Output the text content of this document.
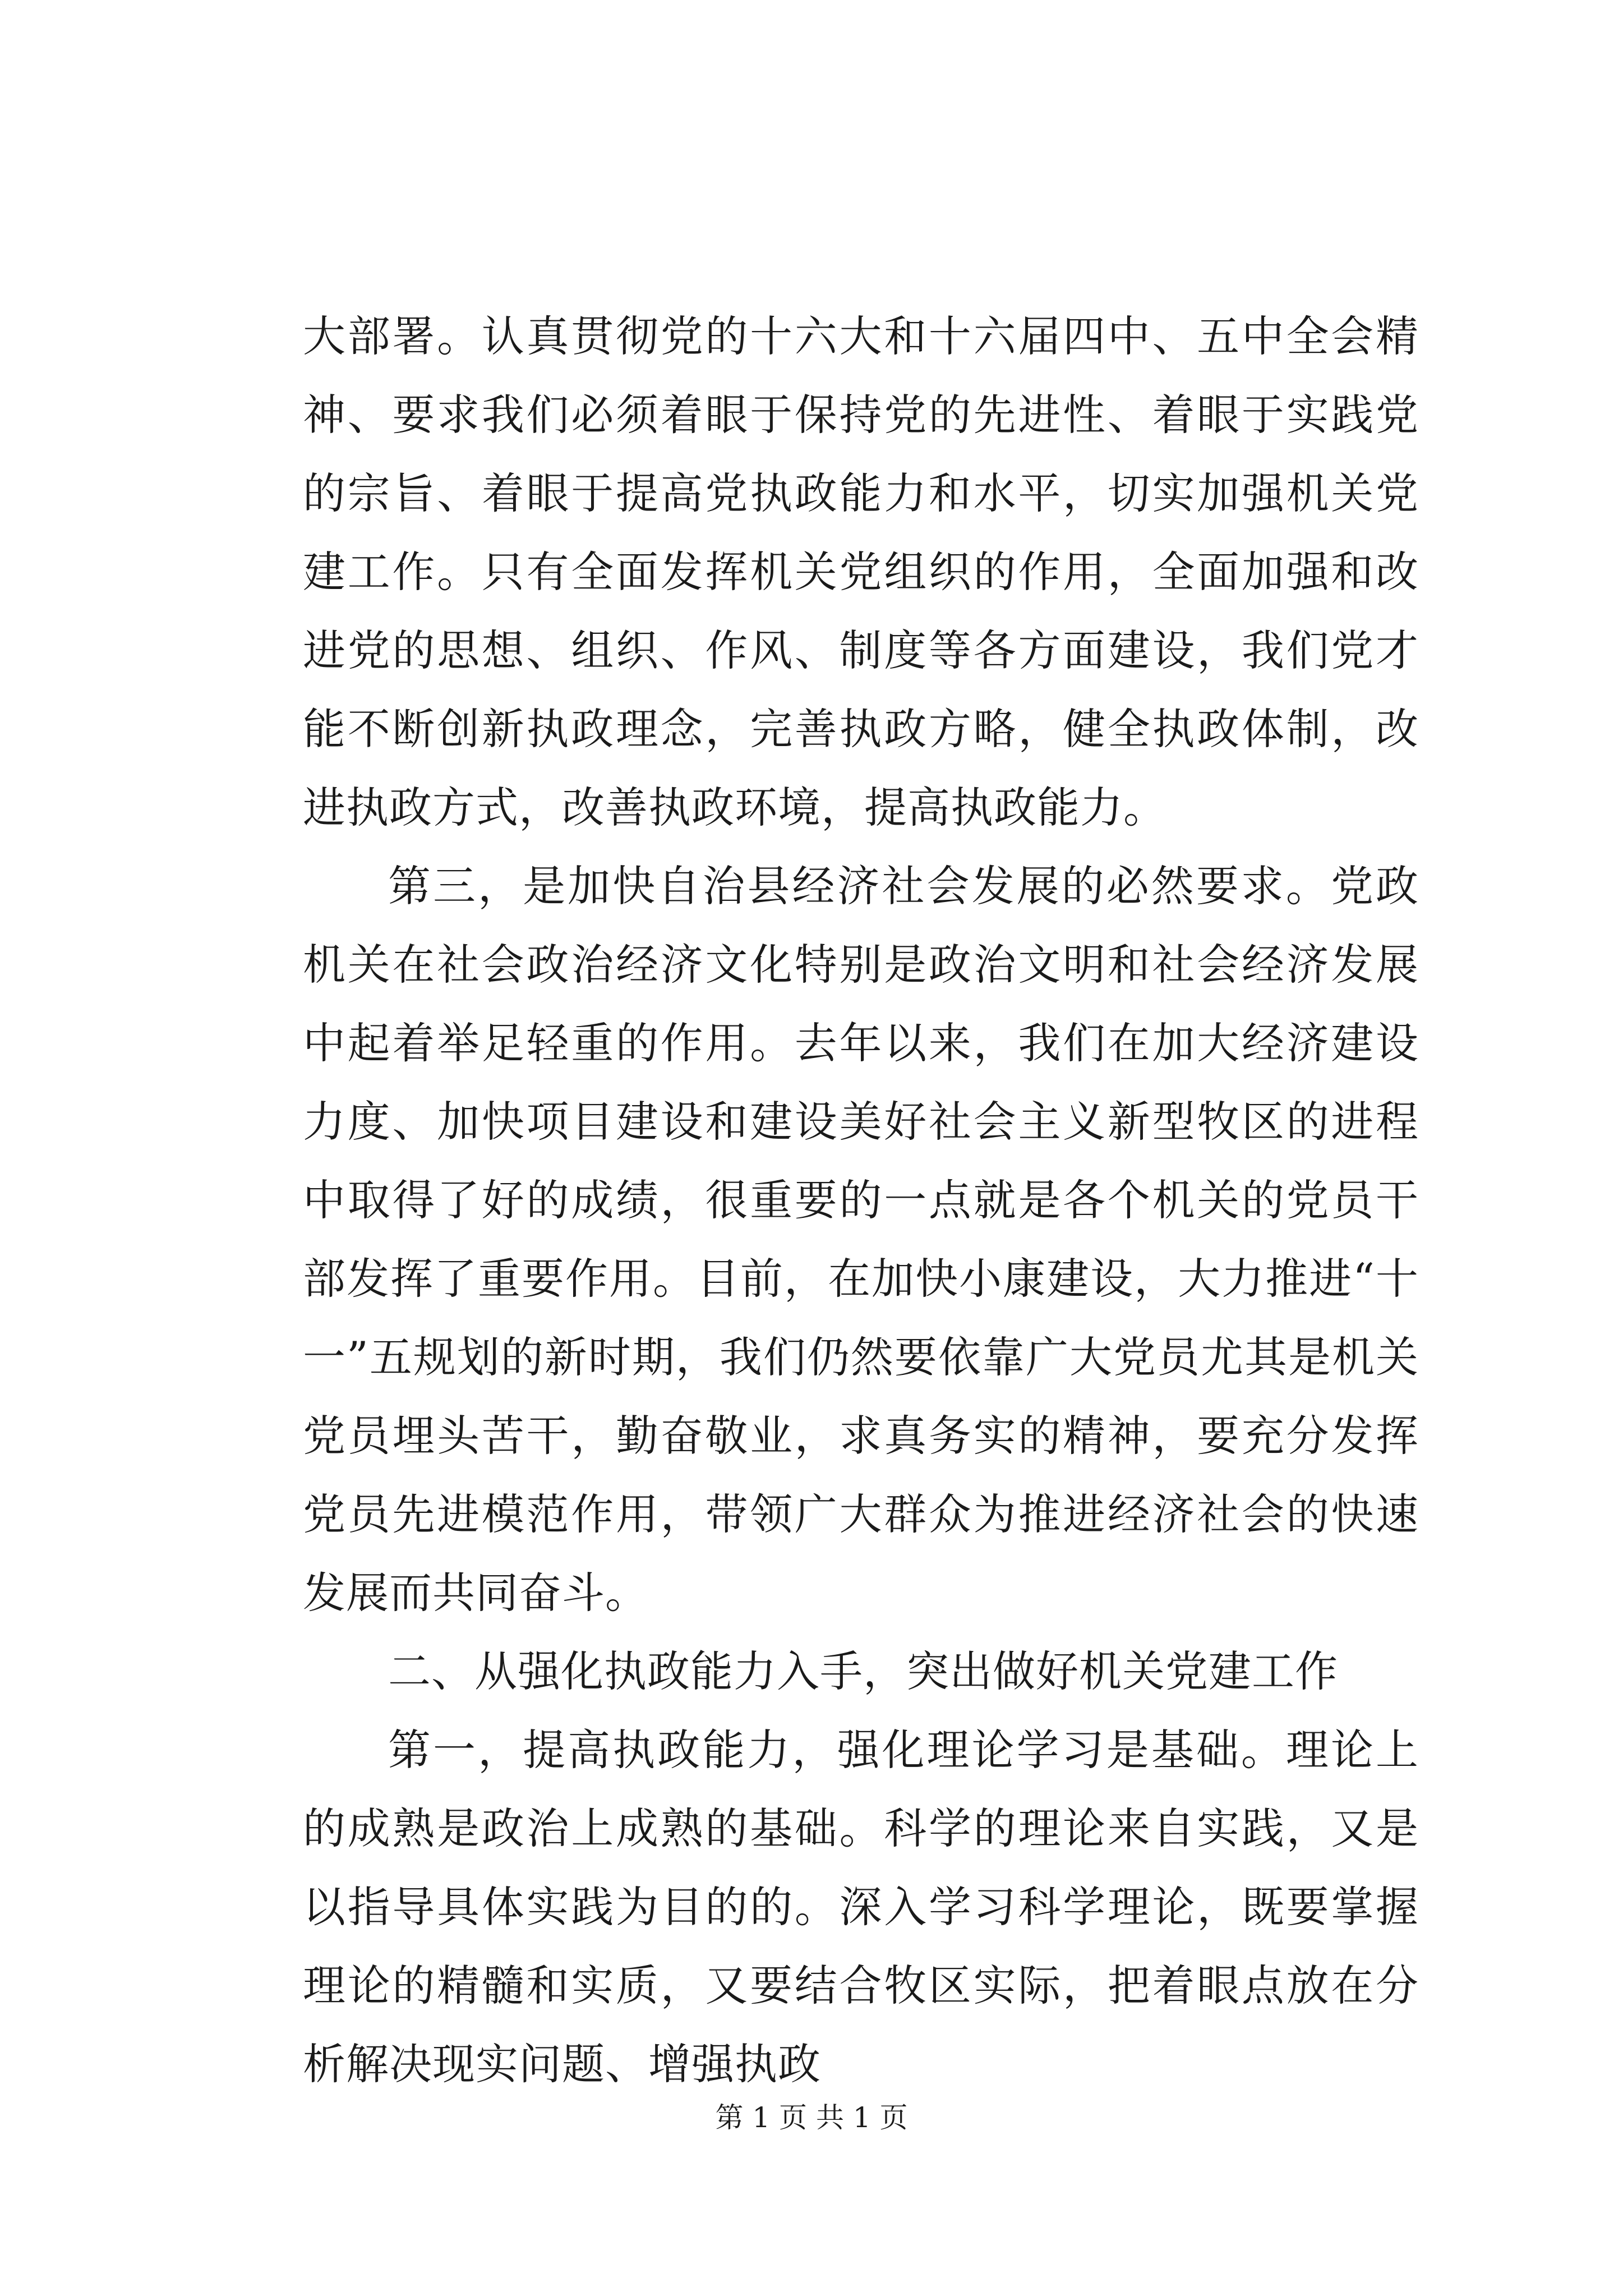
大部署。认真贯彻党的十六大和十六届四中、五中全会精神、要求我们必须着眼于保持党的先进性、着眼于实践党的宗旨、着眼于提高党执政能力和水平，切实加强机关党建工作。只有全面发挥机关党组织的作用，全面加强和改进党的思想、组织、作风、制度等各方面建设，我们党才能不断创新执政理念，完善执政方略，健全执政体制，改进执政方式，改善执政环境，提高执政能力。

第三，是加快自治县经济社会发展的必然要求。党政机关在社会政治经济文化特别是政治文明和社会经济发展中起着举足轻重的作用。去年以来，我们在加大经济建设力度、加快项目建设和建设美好社会主义新型牧区的进程中取得了好的成绩，很重要的一点就是各个机关的党员干部发挥了重要作用。目前，在加快小康建设，大力推进“十一”五规划的新时期，我们仍然要依靠广大党员尤其是机关党员埋头苦干，勤奋敬业，求真务实的精神，要充分发挥党员先进模范作用，带领广大群众为推进经济社会的快速发展而共同奋斗。

二、从强化执政能力入手，突出做好机关党建工作

第一，提高执政能力，强化理论学习是基础。理论上的成熟是政治上成熟的基础。科学的理论来自实践，又是以指导具体实践为目的的。深入学习科学理论，既要掌握理论的精髓和实质，又要结合牧区实际，把着眼点放在分析解决现实问题、增强执政

第 1 页 共 1 页
